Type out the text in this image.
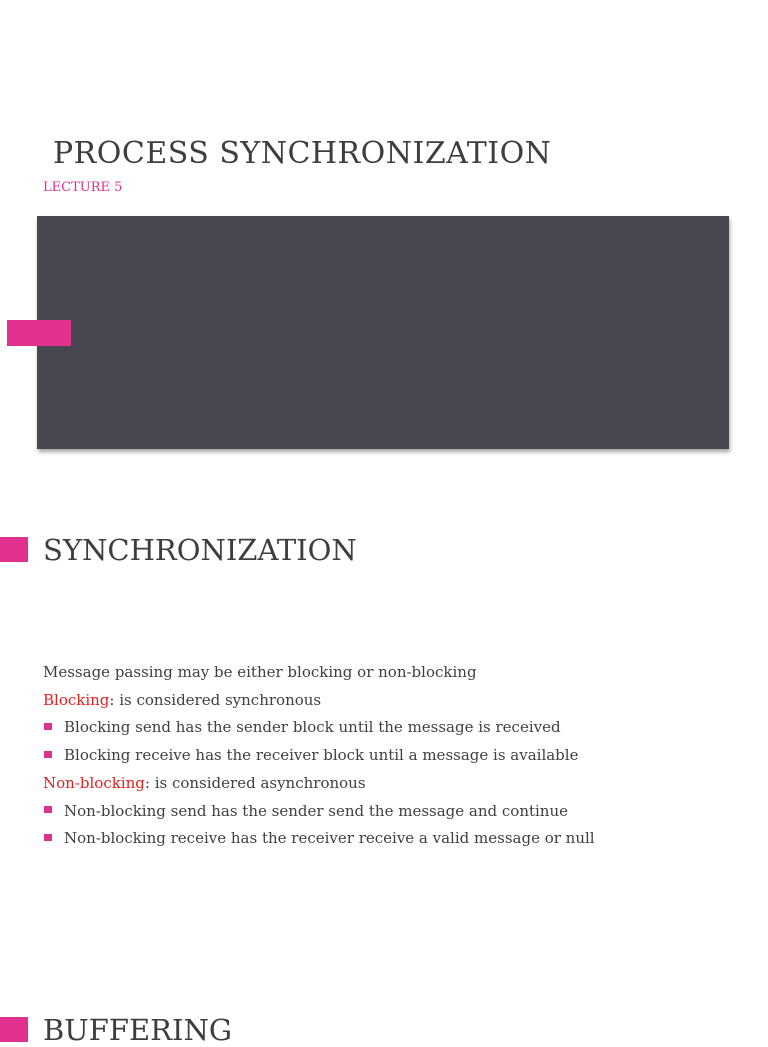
PROCESS SYNCHRONIZATION
LECTURE 5
SYNCHRONIZATION
Message passing may be either blocking or non-blocking
Blocking: is considered synchronous
Blocking send has the sender block until the message is received
Blocking receive has the receiver block until a message is available
Non-blocking: is considered asynchronous
Non-blocking send has the sender send the message and continue
Non-blocking receive has the receiver receive a valid message or null
BUFFERING
